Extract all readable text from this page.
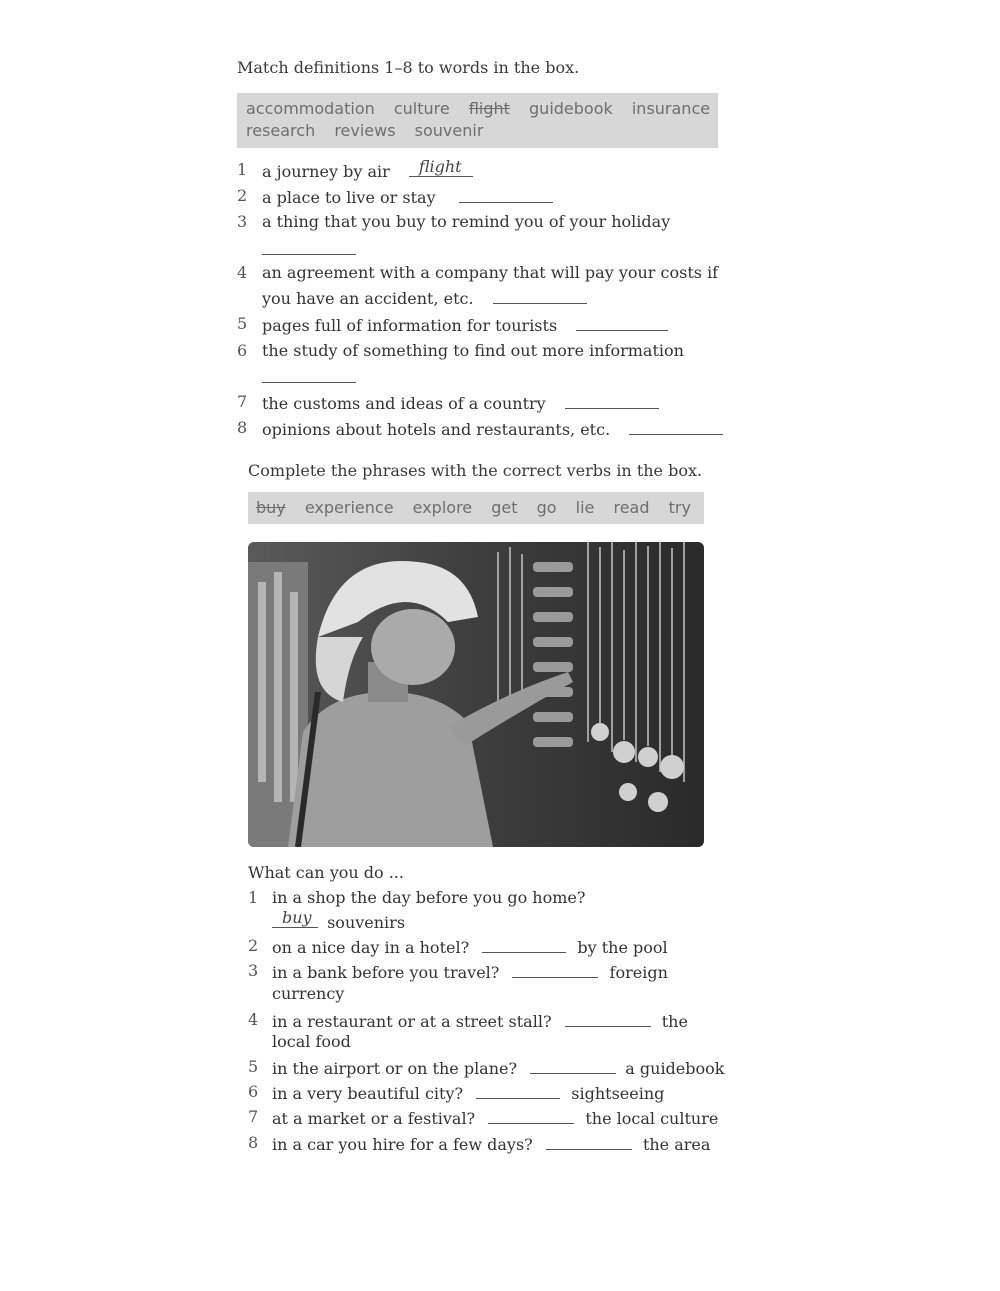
Match definitions 1–8 to words in the box.
accommodation culture flight guidebook insurance
research reviews souvenir
1 a journey by air flight
2 a place to live or stay
3 a thing that you buy to remind you of your holiday
4 an agreement with a company that will pay your costs if
you have an accident, etc.
5 pages full of information for tourists
6 the study of something to find out more information
7 the customs and ideas of a country
8 opinions about hotels and restaurants, etc.
Complete the phrases with the correct verbs in the box.
buy experience explore get go lie read try
What can you do ...
1 in a shop the day before you go home?
buy souvenirs
2 on a nice day in a hotel?	by the pool
3 in a bank before you travel?	foreign
currency
4 in a restaurant or at a street stall?	the
local food
5 in the airport or on the plane?	a guidebook
6 in a very beautiful city?	sightseeing
7 at a market or a festival?	the local culture
8 in a car you hire for a few days?	the area
